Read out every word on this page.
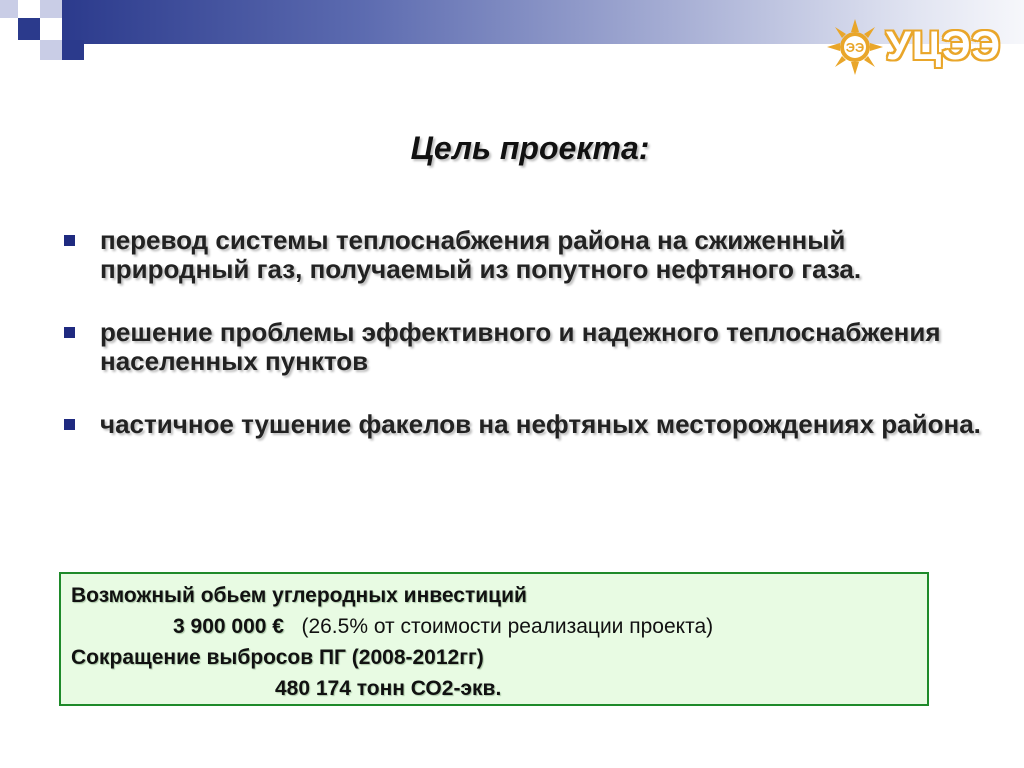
ЭЭ УЦЭЭ
Цель проекта:
перевод системы теплоснабжения района на сжиженный природный газ, получаемый из попутного нефтяного газа.
решение проблемы эффективного и надежного теплоснабжения населенных пунктов
частичное тушение факелов на нефтяных месторождениях района.
Возможный обьем углеродных инвестиций
3 900 000 € (26.5% от стоимости реализации проекта)
Сокращение выбросов ПГ (2008-2012гг)
480 174 тонн СО2-экв.
